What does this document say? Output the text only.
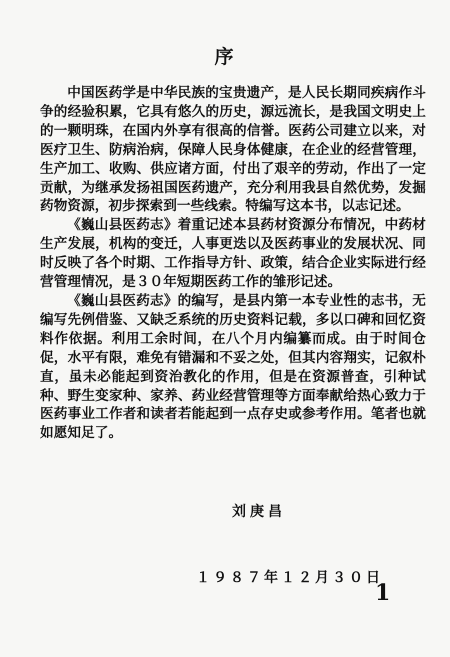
序

中国医药学是中华民族的宝贵遗产，是人民长期同疾病作斗争的经验积累，它具有悠久的历史，源远流长，是我国文明史上的一颗明珠，在国内外享有很高的信誉。医药公司建立以来，对医疗卫生、防病治病，保障人民身体健康，在企业的经营管理，生产加工、收购、供应诸方面，付出了艰辛的劳动，作出了一定贡献，为继承发扬祖国医药遗产，充分利用我县自然优势，发掘药物资源，初步探索到一些线索。特编写这本书，以志记述。

《巍山县医药志》着重记述本县药材资源分布情况，中药材生产发展，机构的变迁，人事更迭以及医药事业的发展状况、同时反映了各个时期、工作指导方针、政策，结合企业实际进行经营管理情况，是３０年短期医药工作的雏形记述。

《巍山县医药志》的编写，是县内第一本专业性的志书，无编写先例借鉴、又缺乏系统的历史资料记载，多以口碑和回忆资料作依据。利用工余时间，在八个月内编纂而成。由于时间仓促，水平有限，难免有错漏和不妥之处，但其内容翔实，记叙朴直，虽未必能起到资治教化的作用，但是在资源普查，引种试种、野生变家种、家养、药业经营管理等方面奉献给热心致力于医药事业工作者和读者若能起到一点存史或参考作用。笔者也就如愿知足了。

刘庚昌
１９８７年１２月３０日
1
